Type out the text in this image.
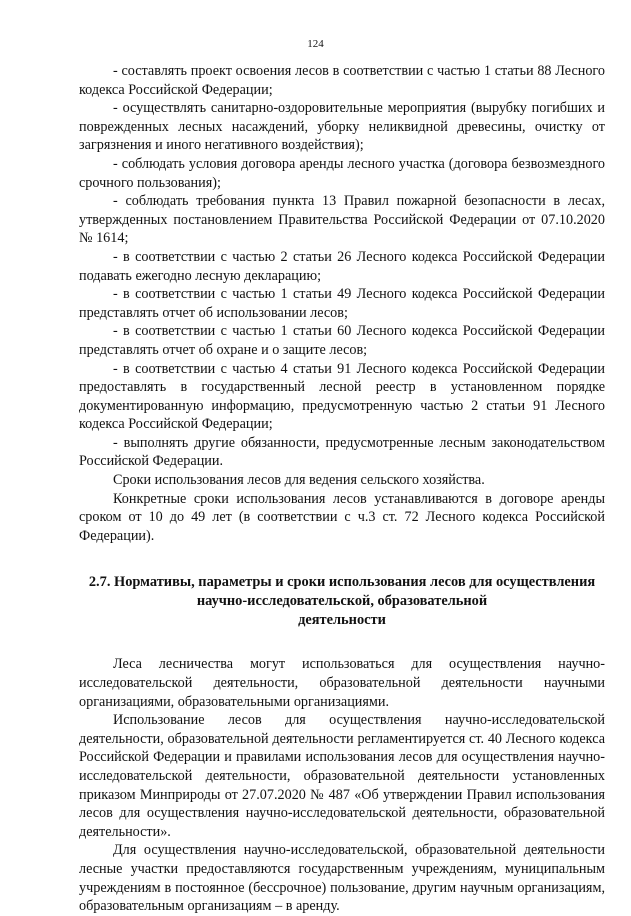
124

- составлять проект освоения лесов в соответствии с частью 1 статьи 88 Лесного кодекса Российской Федерации;

- осуществлять санитарно-оздоровительные мероприятия (вырубку погибших и поврежденных лесных насаждений, уборку неликвидной древесины, очистку от загрязнения и иного негативного воздействия);

- соблюдать условия договора аренды лесного участка (договора безвозмездного срочного пользования);

- соблюдать требования пункта 13 Правил пожарной безопасности в лесах, утвержденных постановлением Правительства Российской Федерации от 07.10.2020 № 1614;

- в соответствии с частью 2 статьи 26 Лесного кодекса Российской Федерации подавать ежегодно лесную декларацию;

- в соответствии с частью 1 статьи 49 Лесного кодекса Российской Федерации представлять отчет об использовании лесов;

- в соответствии с частью 1 статьи 60 Лесного кодекса Российской Федерации представлять отчет об охране и о защите лесов;

- в соответствии с частью 4 статьи 91 Лесного кодекса Российской Федерации предоставлять в государственный лесной реестр в установленном порядке документированную информацию, предусмотренную частью 2 статьи 91 Лесного кодекса Российской Федерации;

- выполнять другие обязанности, предусмотренные лесным законодательством Российской Федерации.

Сроки использования лесов для ведения сельского хозяйства.

Конкретные сроки использования лесов устанавливаются в договоре аренды сроком от 10 до 49 лет (в соответствии с ч.3 ст. 72 Лесного кодекса Российской Федерации).

2.7. Нормативы, параметры и сроки использования лесов для осуществления
научно-исследовательской, образовательной
деятельности

Леса лесничества могут использоваться для осуществления научно-исследовательской деятельности, образовательной деятельности научными организациями, образовательными организациями.

Использование лесов для осуществления научно-исследовательской деятельности, образовательной деятельности регламентируется ст. 40 Лесного кодекса Российской Федерации и правилами использования лесов для осуществления научно-исследовательской деятельности, образовательной деятельности установленных приказом Минприроды от 27.07.2020 № 487 «Об утверждении Правил использования лесов для осуществления научно-исследовательской деятельности, образовательной деятельности».

Для осуществления научно-исследовательской, образовательной деятельности лесные участки предоставляются государственным учреждениям, муниципальным учреждениям в постоянное (бессрочное) пользование, другим научным организациям, образовательным организациям – в аренду.
